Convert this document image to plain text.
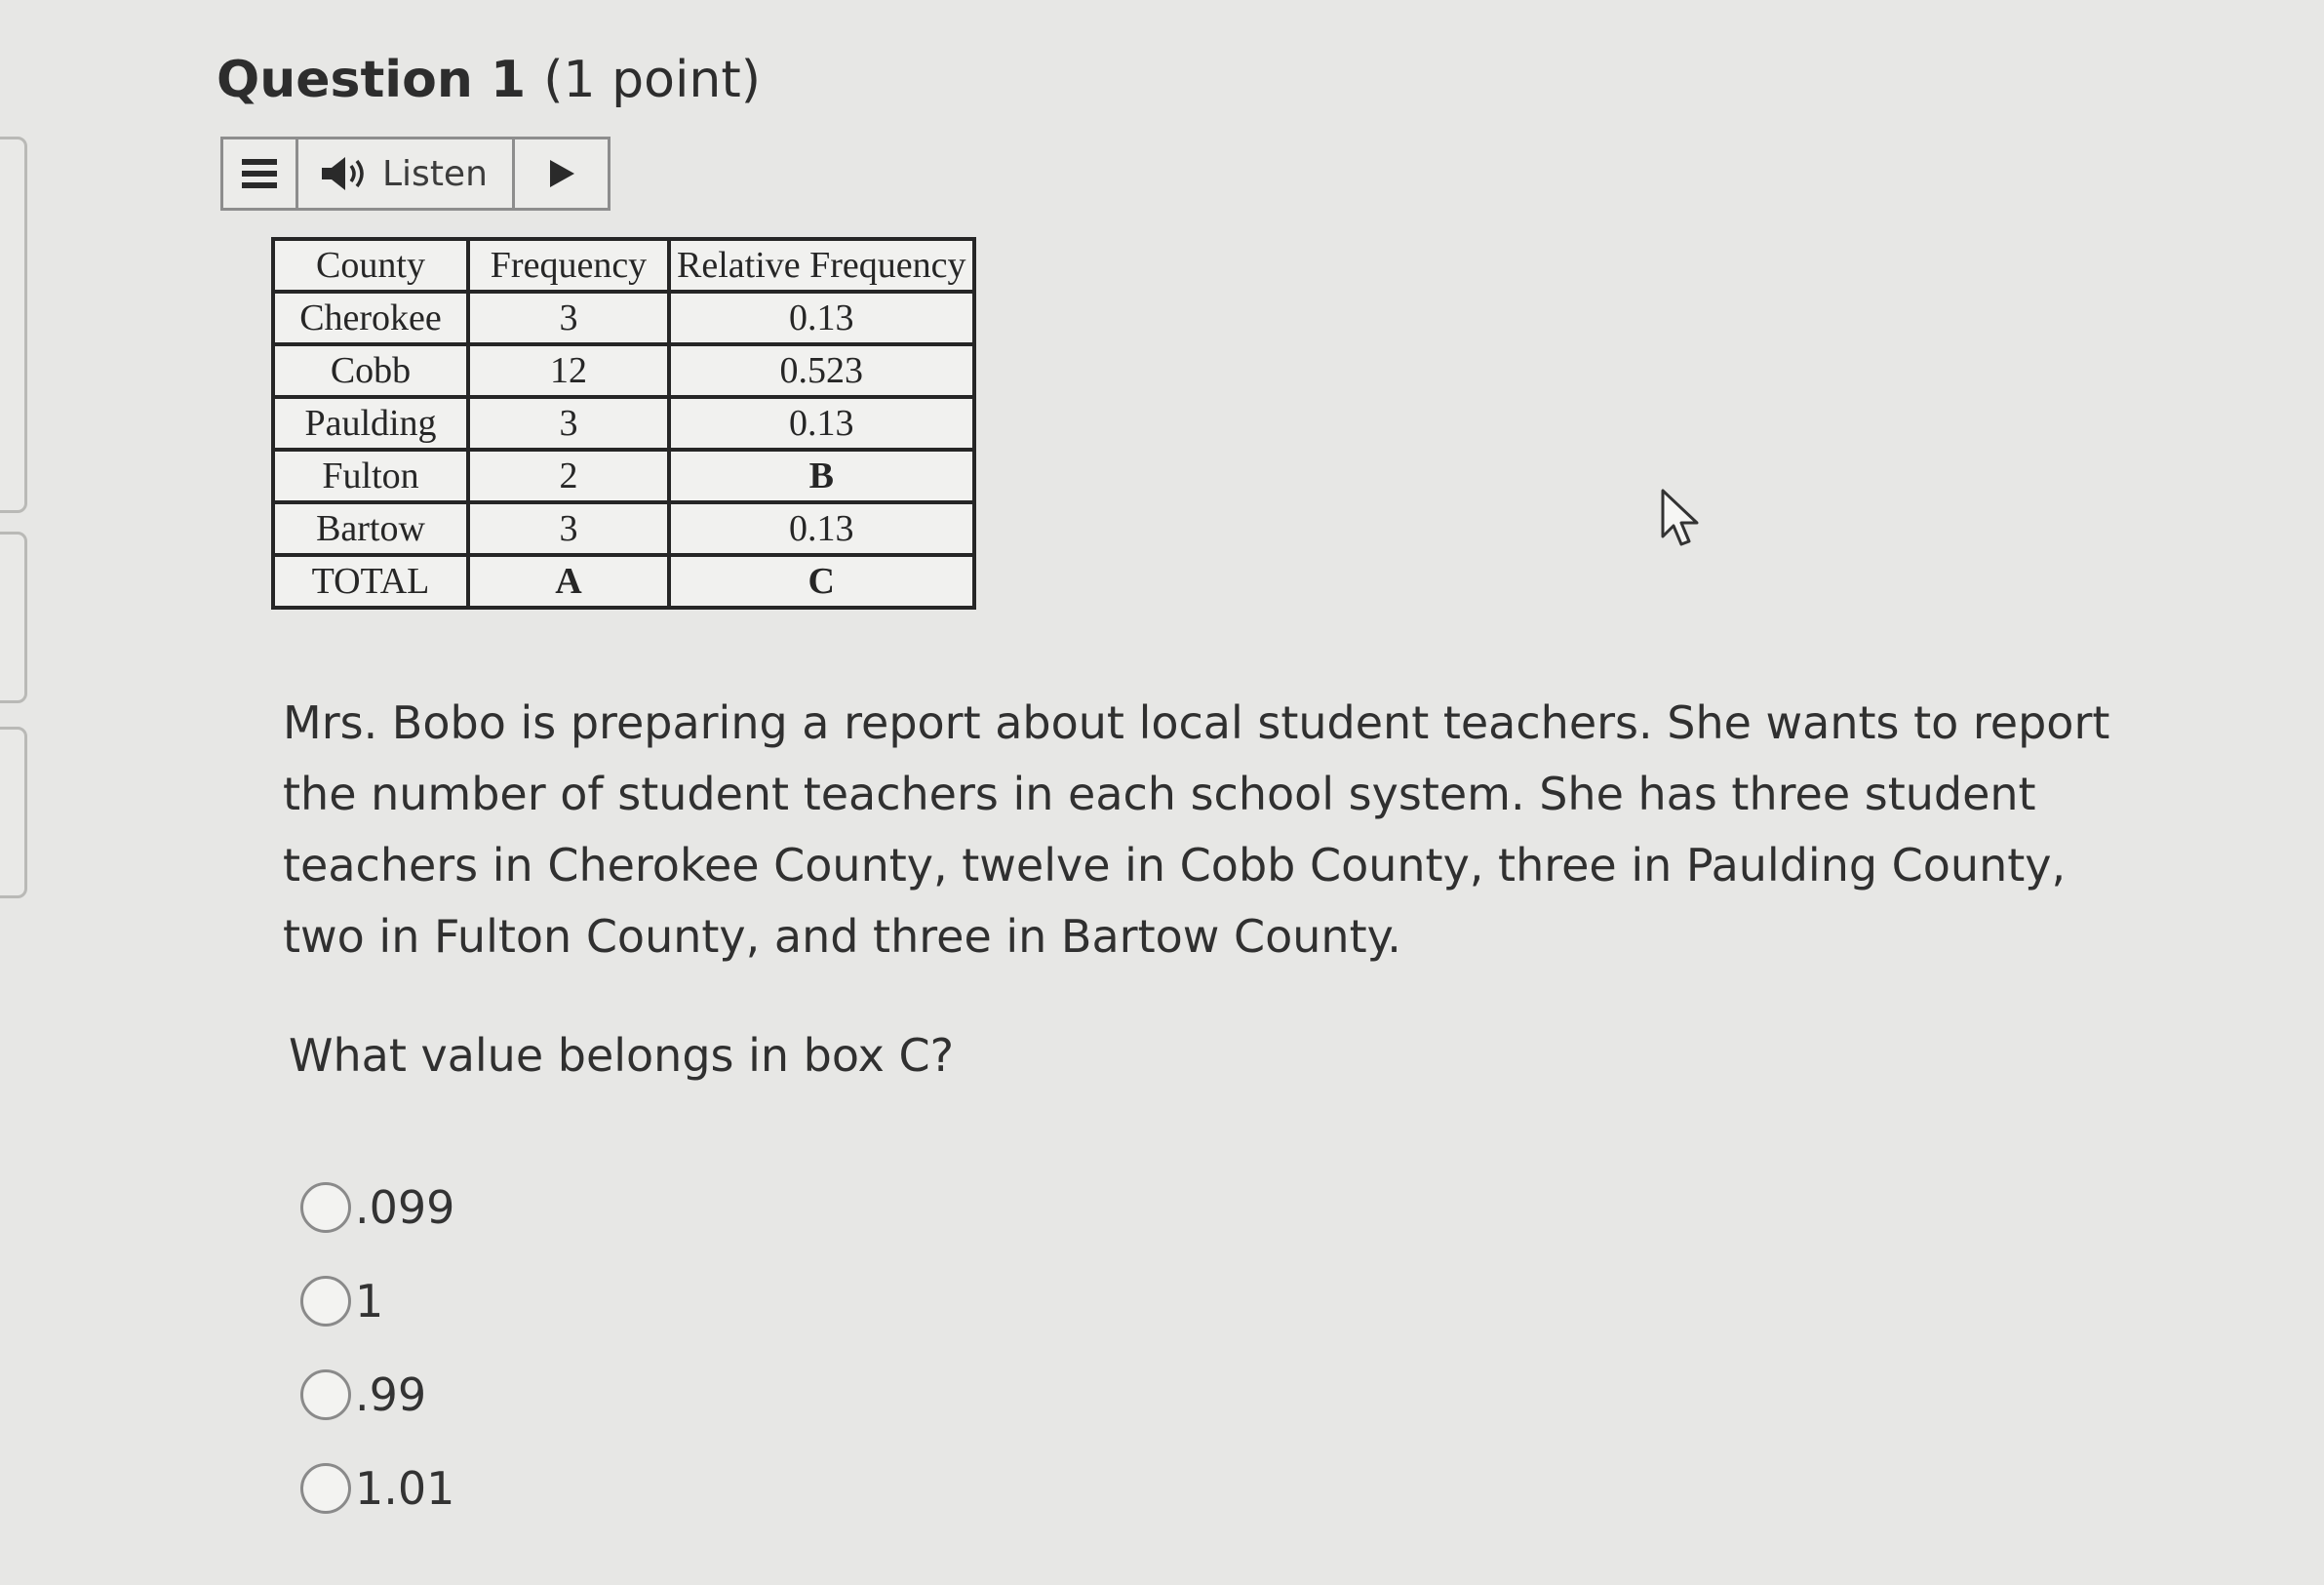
Question 1 (1 point)
Listen
County	Frequency	Relative Frequency
Cherokee	3	0.13
Cobb	12	0.523
Paulding	3	0.13
Fulton	2	B
Bartow	3	0.13
TOTAL	A	C
Mrs. Bobo is preparing a report about local student teachers. She wants to report the number of student teachers in each school system. She has three student teachers in Cherokee County, twelve in Cobb County, three in Paulding County, two in Fulton County, and three in Bartow County.
What value belongs in box C?
.099
1
.99
1.01
